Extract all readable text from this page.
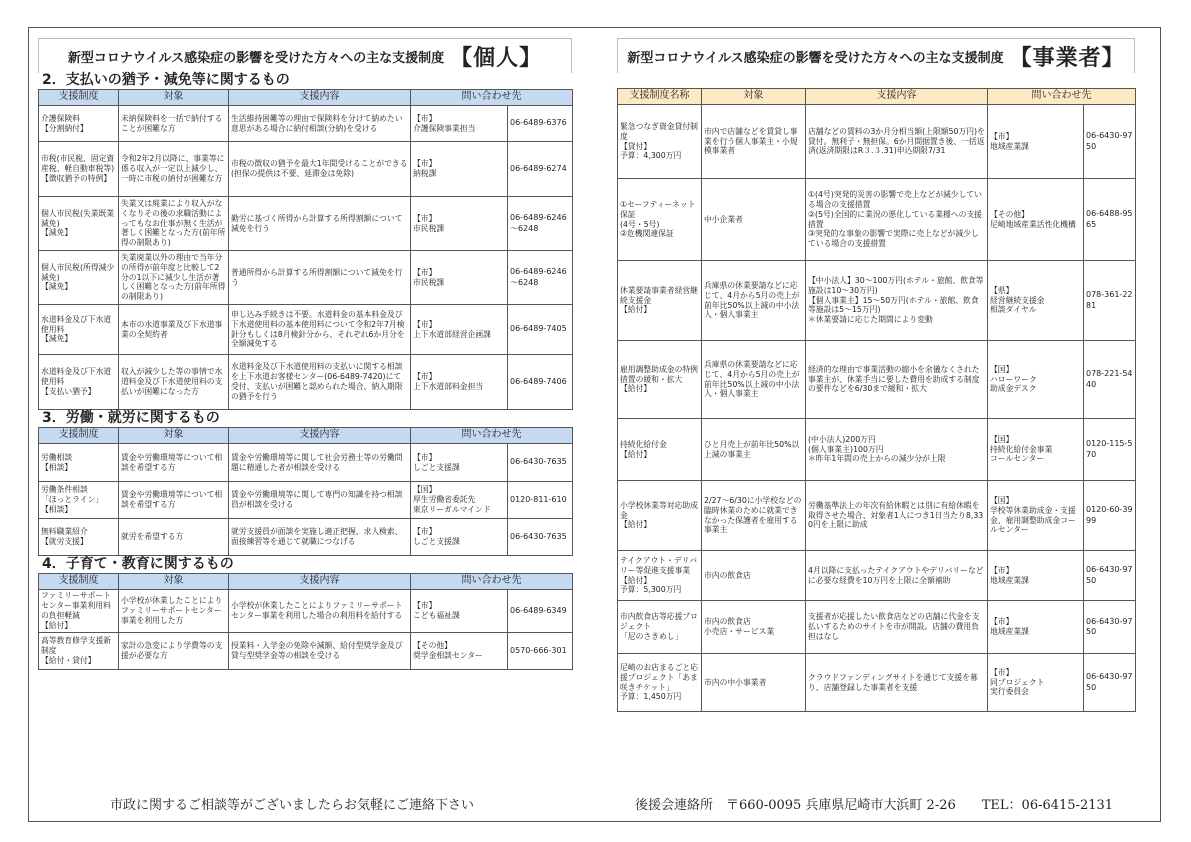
新型コロナウイルス感染症の影響を受けた方々への主な支援制度 【個人】
2．支払いの猶予・減免等に関するもの
支援制度	対象	支援内容	問い合わせ先	
介護保険料
【分割納付】	未納保険料を一括で納付することが困難な方	生活維持困難等の理由で保険料を分けて納めたい意思がある場合に納付相談(分納)を受ける	【市】
介護保険事業担当	06-6489-6376
市税(市民税、固定資産税、軽自動車税等)
【徴収猶予の特例】	令和2年2月以降に、事業等に係る収入が一定以上減少し、一時に市税の納付が困難な方	市税の徴収の猶予を最大1年間受けることができる(担保の提供は不要、延滞金は免除)	【市】
納税課	06-6489-6274
個人市民税(失業既業減免)
【減免】	失業又は廃業により収入がなくなりその後の求職活動によってもなお仕事が無く生活が著しく困難となった方(前年所得の制限あり)	勤労に基づく所得から計算する所得割額について減免を行う	【市】
市民税課	06-6489-6246～6248
個人市民税(所得減少減免)
【減免】	失業廃業以外の理由で当年分の所得が前年度と比較して2分の1以下に減少し生活が著しく困難となった方(前年所得の制限あり)	普通所得から計算する所得割額について減免を行う	【市】
市民税課	06-6489-6246～6248
水道料金及び下水道使用料
【減免】	本市の水道事業及び下水道事業の全契約者	申し込み手続きは不要。水道料金の基本料金及び下水道使用料の基本使用料について令和2年7月検針分もしくは8月検針分から、それぞれ6か月分を全額減免する	【市】
上下水道部経営企画課	06-6489-7405
水道料金及び下水道使用料
【支払い猶予】	収入が減少した等の事情で水道料金及び下水道使用料の支払いが困難になった方	水道料金及び下水道使用料の支払いに関する相談を上下水道お客様センター(06-6489-7420)にて受付、支払いが困難と認められた場合、納入期限の猶予を行う	【市】
上下水道部料金担当	06-6489-7406
3．労働・就労に関するもの
支援制度	対象	支援内容	問い合わせ先	
労働相談
【相談】	賃金や労働環境等について相談を希望する方	賃金や労働環境等に関して社会労務士等の労働問題に精通した者が相談を受ける	【市】
しごと支援課	06-6430-7635
労働条件相談
「ほっとライン」
【相談】	賃金や労働環境等について相談を希望する方	賃金や労働環境等に関して専門の知識を持つ相談員が相談を受ける	【国】
厚生労働省委託先
東京リーガルマインド	0120-811-610
無料職業紹介
【就労支援】	就労を希望する方	就労支援員が面談を実施し適正把握、求人検索、面接練習等を通じて就職につなげる	【市】
しごと支援課	06-6430-7635
4．子育て・教育に関するもの
支援制度	対象	支援内容	問い合わせ先	
ファミリーサポートセンター事業利用料の負担軽減
【給付】	小学校が休業したことによりファミリーサポートセンター事業を利用した方	小学校が休業したことによりファミリーサポートセンター事業を利用した場合の利用料を給付する	【市】
こども福祉課	06-6489-6349
高等教育修学支援新制度
【給付・貸付】	家計の急変により学費等の支援が必要な方	授業料・入学金の免除や減額、給付型奨学金及び貸与型奨学金等の相談を受ける	【その他】
奨学金相談センター	0570-666-301
市政に関するご相談等がございましたらお気軽にご連絡下さい
新型コロナウイルス感染症の影響を受けた方々への主な支援制度 【事業者】
支援制度名称	対象	支援内容	問い合わせ先	
緊急つなぎ資金貸付制度
【貸付】
予算：4,300万円	市内で店舗などを賃貸し事業を行う個人事業主・小規模事業者	店舗などの賃料の3か月分相当額(上限額50万円)を貸付。無利子・無担保。6か月間据置き後、一括返済(返済期限はR３.３.31)申込期限7/31	【市】
地域産業課	06-6430-9750
①セーフティーネット保証
(4号・5号)
②危機関連保証	中小企業者	①(4号)突発的災害の影響で売上などが減少している場合の支援措置
②(5号)全国的に業況の悪化している業種への支援措置
③突発的な事象の影響で実際に売上などが減少している場合の支援措置	【その他】
尼崎地域産業活性化機構	06-6488-9565
休業要請事業者経営継続支援金
【給付】	兵庫県の休業要請などに応じて、4月から5月の売上が前年比50%以上減の中小法人・個人事業主	【中小法人】30～100万円(ホテル・旅館、飲食等施設は10～30万円)
【個人事業主】15～50万円(ホテル・旅館、飲食等施設は5～15万円)
＊休業要請に応じた期間により変動	【県】
経営継続支援金
相談ダイヤル	078-361-2281
雇用調整助成金の特例措置の緩和・拡大
【給付】	兵庫県の休業要請などに応じて、4月から5月の売上が前年比50%以上減の中小法人・個人事業主	経済的な理由で事業活動の縮小を余儀なくされた事業主が、休業手当に要した費用を助成する制度の要件などを6/30まで緩和・拡大	【国】
ハローワーク
助成金デスク	078-221-5440
持続化給付金
【給付】	ひと月売上が前年比50%以上減の事業主	(中小法人)200万円
(個人事業主)100万円
＊昨年1年間の売上からの減少分が上限	【国】
持続化給付金事業
コールセンター	0120-115-570
小学校休業等対応助成金
【給付】	2/27～6/30に小学校などの臨時休業のために就業できなかった保護者を雇用する事業主	労働基準法上の年次有給休暇とは別に有給休暇を取得させた場合、対象者1人につき1日当たり8,330円を上限に助成	【国】
学校等休業助成金・支援金、雇用調整助成金コールセンター	0120-60-3999
テイクアウト・デリバリー等促進支援事業 【給付】
予算：5,300万円	市内の飲食店	4月以降に支払ったテイクアウトやデリバリーなどに必要な経費を10万円を上限に全額補助	【市】
地域産業課	06-6430-9750
市内飲食店等応援プロジェクト
「尼のさきめし」	市内の飲食店
小売店・サービス業	支援者が応援したい飲食店などの店舗に代金を支払いするためのサイトを市が開設。店舗の費用負担はなし	【市】
地域産業課	06-6430-9750
尼崎のお店まるごと応援プロジェクト「あま咲きチケット」
予算：1,450万円	市内の中小事業者	クラウドファンディングサイトを通じて支援を募り、店舗登録した事業者を支援	【市】
同プロジェクト
実行委員会	06-6430-9750
後援会連絡所　〒660-0095 兵庫県尼崎市大浜町 2-26　　TEL：06-6415-2131
